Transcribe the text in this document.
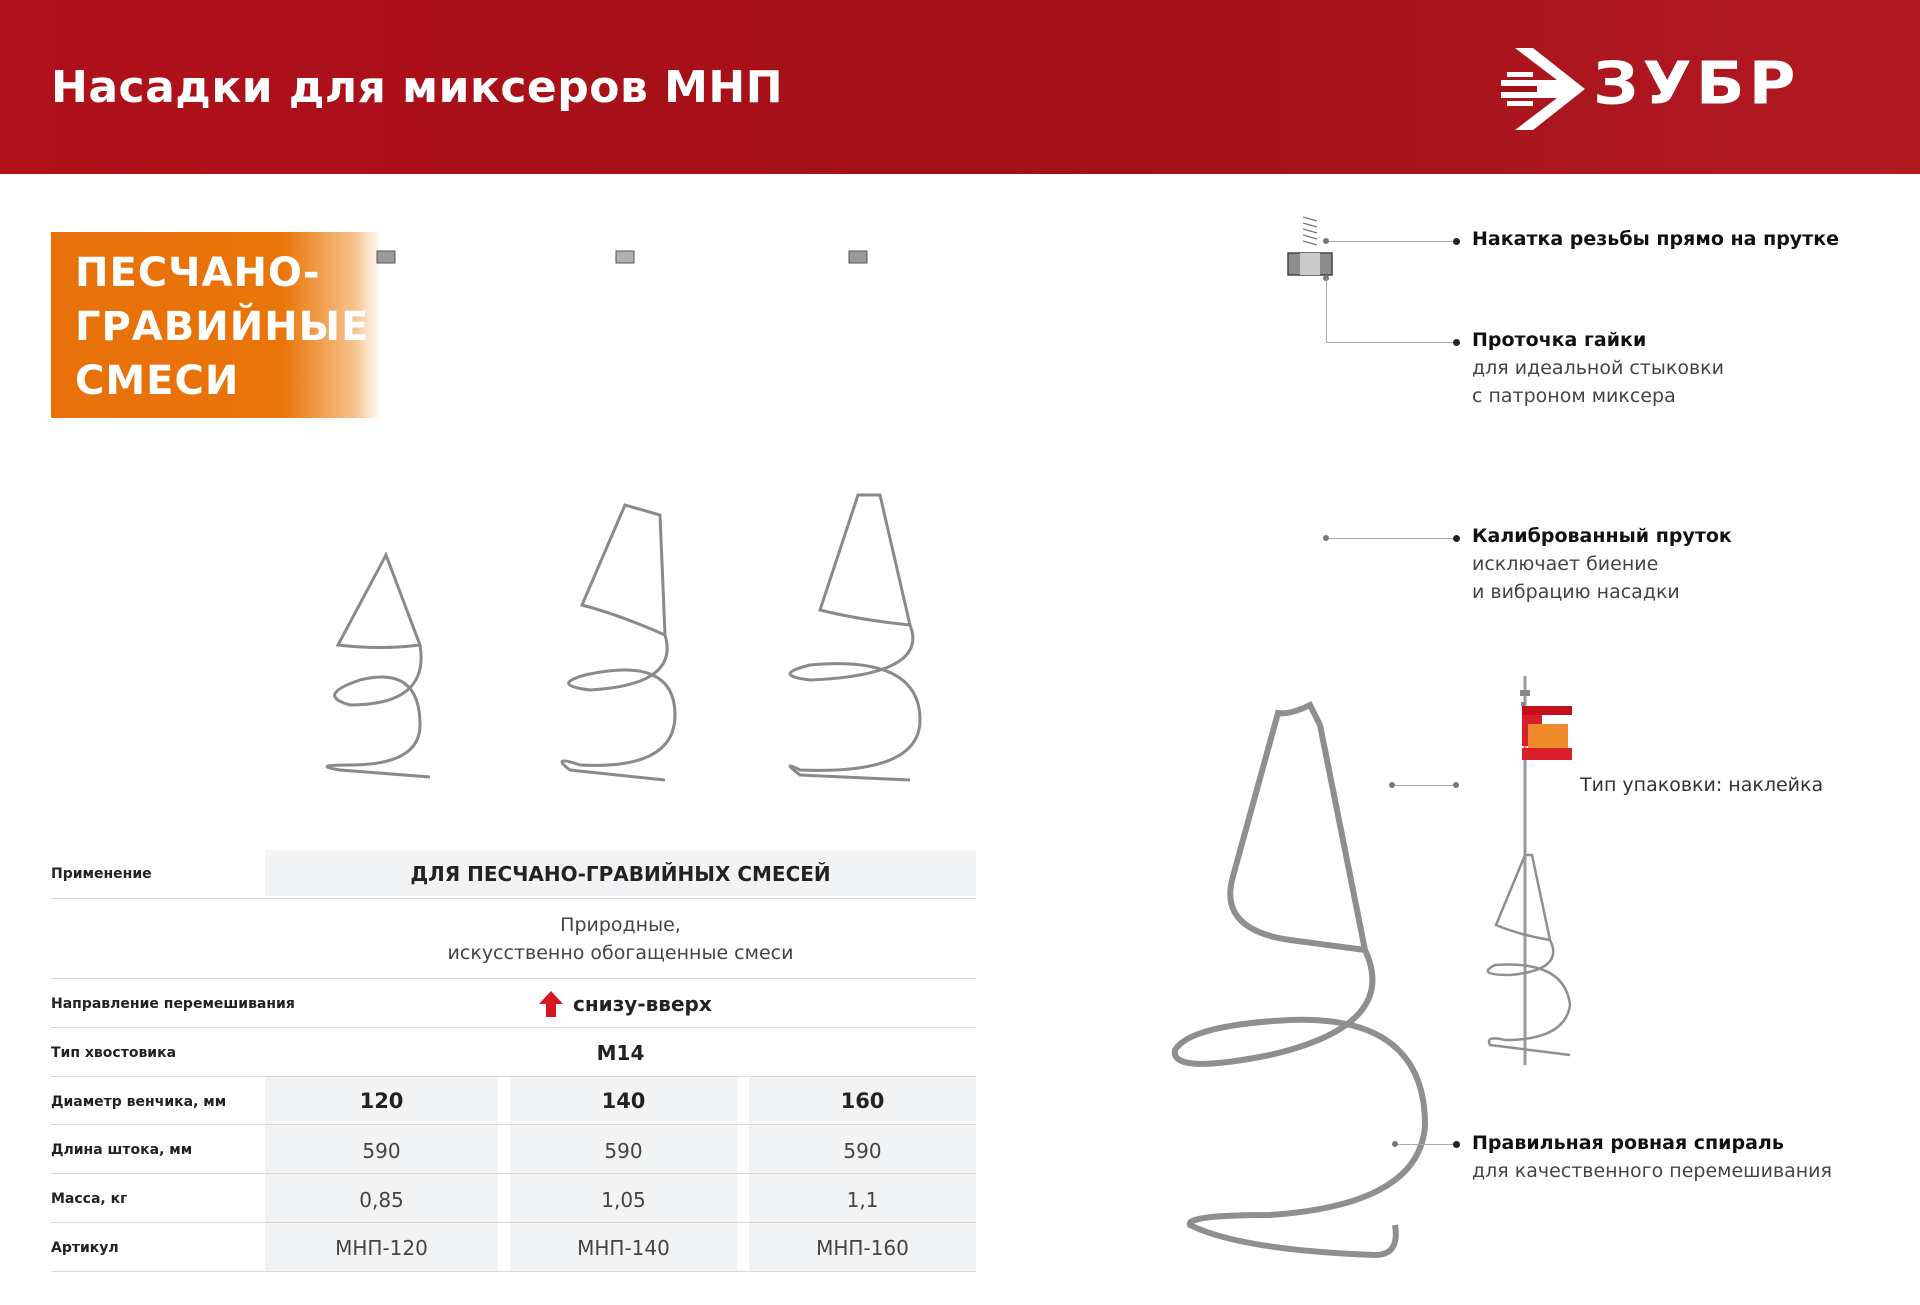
Насадки для миксеров МНП	ЗУБР
ПЕСЧАНО-
ГРАВИЙНЫЕ
СМЕСИ
Применение	ДЛЯ ПЕСЧАНО-ГРАВИЙНЫХ СМЕСЕЙ
Природные,
искусственно обогащенные смеси
Направление перемешивания	снизу-вверх
Тип хвостовика	M14
Диаметр венчика, мм	120	140	160
Длина штока, мм	590	590	590
Масса, кг	0,85	1,05	1,1
Артикул	МНП-120	МНП-140	МНП-160
Накатка резьбы прямо на прутке
Проточка гайки
для идеальной стыковки
с патроном миксера
Калиброванный пруток
исключает биение
и вибрацию насадки
Тип упаковки: наклейка
Правильная ровная спираль
для качественного перемешивания
